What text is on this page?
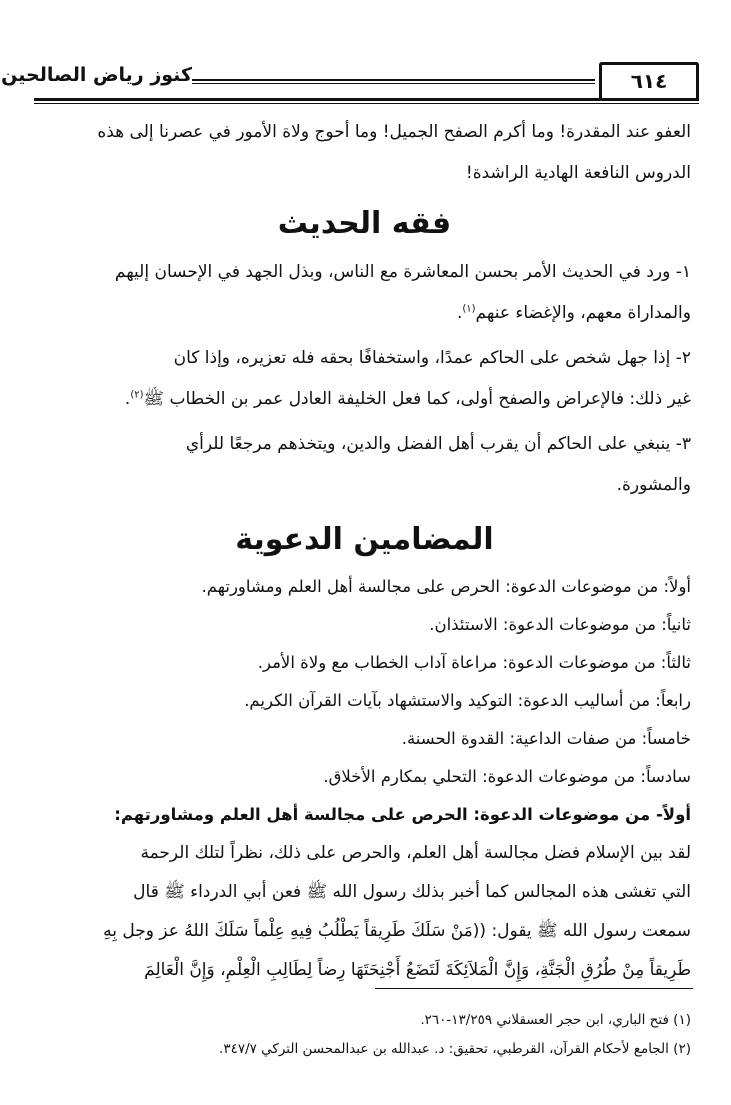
٦١٤
كنوز رياض الصالحين

العفو عند المقدرة! وما أكرم الصفح الجميل! وما أحوج ولاة الأمور في عصرنا إلى هذه

الدروس النافعة الهادية الراشدة!

فقه الحديث

١- ورد في الحديث الأمر بحسن المعاشرة مع الناس، وبذل الجهد في الإحسان إليهم

والمداراة معهم، والإغضاء عنهم$^{(١)}$.

٢- إذا جهل شخص على الحاكم عمدًا، واستخفافًا بحقه فله تعزيره، وإذا كان

غير ذلك: فالإعراض والصفح أولى، كما فعل الخليفة العادل عمر بن الخطاب ﷺ$^{(٢)}$.

٣- ينبغي على الحاكم أن يقرب أهل الفضل والدين، ويتخذهم مرجعًا للرأي

والمشورة.

المضامين الدعوية

أولاً: من موضوعات الدعوة: الحرص على مجالسة أهل العلم ومشاورتهم.

ثانياً: من موضوعات الدعوة: الاستئذان.

ثالثاً: من موضوعات الدعوة: مراعاة آداب الخطاب مع ولاة الأمر.

رابعاً: من أساليب الدعوة: التوكيد والاستشهاد بآيات القرآن الكريم.

خامساً: من صفات الداعية: القدوة الحسنة.

سادساً: من موضوعات الدعوة: التحلي بمكارم الأخلاق.

أولاً- من موضوعات الدعوة: الحرص على مجالسة أهل العلم ومشاورتهم:

لقد بين الإسلام فضل مجالسة أهل العلم، والحرص على ذلك، نظراً لتلك الرحمة

التي تغشى هذه المجالس كما أخبر بذلك رسول الله ﷺ فعن أبي الدرداء ﷺ قال

سمعت رسول الله ﷺ يقول: ((مَنْ سَلَكَ طَرِيقاً يَطْلُبُ فِيهِ عِلْماً سَلَكَ اللهُ عز وجل بِهِ

طَرِيقاً مِنْ طُرُقِ الْجَنَّةِ، وَإِنَّ الْمَلاَئِكَةَ لَتَضَعُ أَجْنِحَتَهَا رِضاً لِطَالِبِ الْعِلْمِ، وَإِنَّ الْعَالِمَ

(١) فتح الباري، ابن حجر العسقلاني ١٣/٢٥٩-٢٦٠.

(٢) الجامع لأحكام القرآن، القرطبي، تحقيق: د. عبدالله بن عبدالمحسن التركي ٣٤٧/٧.
